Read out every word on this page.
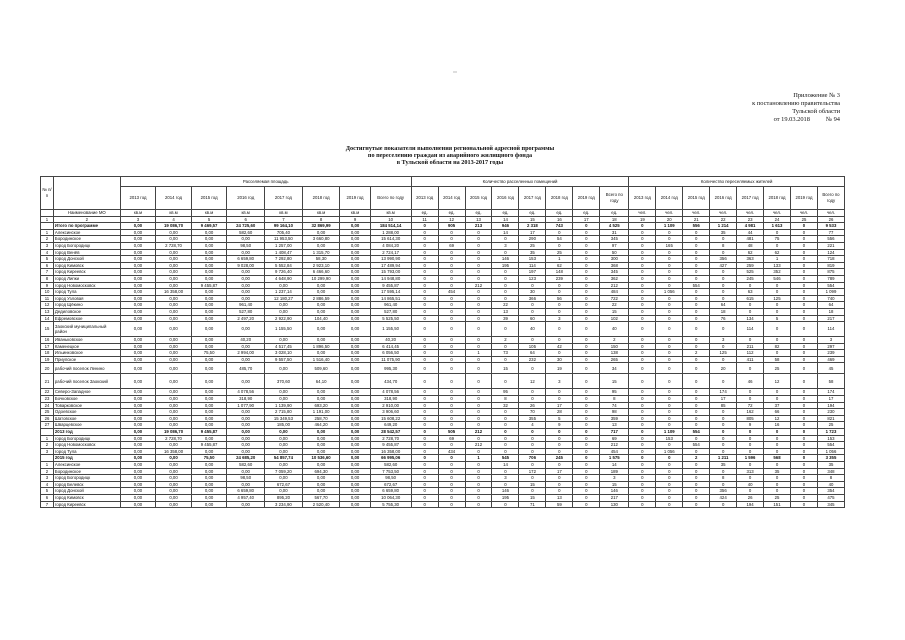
""
Приложение № 3
к постановлению правительства
Тульской области
от 19.03.2018	№ 94
Достигнутые показатели выполнения региональной адресной программы
по переселению граждан из аварийного жилищного фонда
в Тульской области на 2013-2017 годы
№ п/ п		Расселяемая площадь								Количество расселенных помещений								Количество переселяемых жителей							
		2013 год	2014 год	2015 год	2016 год	2017 год	2018 год	2019 год	Всего по году	2013 год	2014 год	2015 год	2016 год	2017 год	2018 год	2019 год	Всего по году	2013 год	2014 год	2015 год	2016 год	2017 год	2018 год	2019 год	Всего по году
	Наименование МО	кв.м	кв.м	кв.м	кв.м	кв.м	кв.м	кв.м	кв.м	ед.	ед.	ед.	ед.	ед.	ед.	ед.	ед.	чел.	чел.	чел.	чел.	чел.	чел.	чел.	чел.
1	2	3	4	5	6	7	8	9	10	11	12	13	14	15	16	17	18	19	20	21	22	23	24	25	26
	Итого по программе	0,00	19 086,70	9 469,57	24 725,60	99 164,10	32 869,99	0,00	184 514,14	0	905	213	946	2 318	743	0	4 525	0	1 109	556	1 214	4 981	1 613	0	9 533
1	Алексинское	0,00	0,00	0,00	582,60	705,40	0,00	0,00	1 288,00	0	0	0	14	17	0	0	31	0	0	0	35	44	0	0	77
2	Бородинское	0,00	0,00	0,00	0,00	11 953,50	3 660,80	0,00	15 614,30	0	0	0	0	290	54	0	345	0	0	0	0	481	75	0	556
3	город Богородицк	0,00	2 728,70	0,00	98,50	1 257,00	0,00	0,00	4 084,20	0	69	0	3	25	0	0	97	0	165	0	8	48	0	0	221
4	город Венёв	0,00	0,00	0,00	0,00	1 408,47	1 315,70	0,00	2 724,17	0	0	0	0	35	25	0	50	0	0	0	0	62	62	0	124
5	город Донской	0,00	0,00	0,00	6 659,80	7 292,80	58,30	0,00	13 990,90	0	0	0	146	153	1	0	300	0	0	0	356	363	1	0	718
6	город Кимовск	0,00	0,00	0,00	9 028,00	5 552,84	2 923,10	0,00	17 489,94	0	0	0	195	114	62	0	368	0	0	0	427	259	133	0	819
7	город Киреевск	0,00	0,00	0,00	0,00	9 726,40	6 466,60	0,00	15 793,00	0	0	0	0	197	148	0	345	0	0	0	0	525	352	0	875
8	город Липки	0,00	0,00	0,00	0,00	4 648,90	10 299,90	0,00	14 948,80	0	0	0	0	123	239	0	362	0	0	0	0	245	546	0	789
9	город Новомосковск	0,00	0,00	9 455,87	0,00	0,00	0,00	0,00	9 455,87	0	0	212	0	0	0	0	212	0	0	554	0	0	0	0	554
10	город Тула	0,00	16 358,00	0,00	0,00	1 237,14	0,00	0,00	17 595,14	0	454	0	0	30	0	0	484	0	1 056	0	0	63	0	0	1 099
11	город Узловая	0,00	0,00	0,00	0,00	12 180,27	2 886,59	0,00	14 865,51	0	0	0	0	366	56	0	722	0	0	0	0	615	125	0	740
12	город Щёкино	0,00	0,00	0,00	961,40	0,00	0,00	0,00	961,40	0	0	0	22	0	0	0	22	0	0	0	64	0	0	0	64
13	Дедиловское	0,00	0,00	0,00	527,80	0,00	0,00	0,00	527,80	0	0	0	13	0	0	0	15	0	0	0	18	0	0	0	18
14	Ефремовское	0,00	0,00	0,00	2 497,20	2 922,90	104,40	0,00	5 525,50	0	0	0	39	60	3	0	102	0	0	0	76	134	5	0	217
15	Заокский муниципальный район	0,00	0,00	0,00	0,00	1 155,50	0,00	0,00	1 155,50	0	0	0	0	40	0	0	40	0	0	0	0	114	0	0	114
16	Иваньковское	0,00	0,00	0,00	40,20	0,00	0,00	0,00	40,20	0	0	0	2	0	0	0	2	0	0	0	3	0	0	0	3
17	Каменецкое	0,00	0,00	0,00	0,00	4 517,45	1 896,50	0,00	6 414,45	0	0	0	0	105	42	0	150	0	0	0	0	211	82	0	297
18	Ильинковское	0,00	0,00	75,50	2 994,00	3 028,10	0,00	0,00	6 056,50	0	0	1	73	64	0	0	138	0	0	2	125	112	0	0	239
19	Приупское	0,00	0,00	0,00	0,00	9 557,50	1 516,40	0,00	11 075,90	0	0	0	0	232	30	0	265	0	0	0	0	411	58	0	469
20	рабочий поселок Ленино	0,00	0,00	0,00	485,70	0,00	509,60	0,00	995,30	0	0	0	15	0	19	0	34	0	0	0	20	0	25	0	45
21	рабочий поселок Заокский	0,00	0,00	0,00	0,00	370,60	64,10	0,00	434,70	0	0	0	0	12	3	0	15	0	0	0	0	46	12	0	58
22	Северо-Западное	0,00	0,00	0,00	4 078,56	0,00	0,00	0,00	4 078,56	0	0	0	95	0	0	0	95	0	0	0	174	0	0	0	174
23	Бочковское	0,00	0,00	0,00	318,90	0,00	0,00	0,00	318,90	0	0	0	8	0	0	0	8	0	0	0	17	0	0	0	17
24	Товарковское	0,00	0,00	0,00	1 077,90	1 139,90	693,20	0,00	2 910,00	0	0	0	32	26	17	0	74	0	0	0	85	72	37	0	194
25	Одоевское	0,00	0,00	0,00	0,00	2 715,80	1 191,00	0,00	3 906,60	0	0	0	0	70	28	0	98	0	0	0	0	162	66	0	230
26	Шатовское	0,00	0,00	0,00	0,00	15 349,53	258,70	0,00	15 608,22	0	0	0	0	355	5	0	359	0	0	0	0	805	12	0	821
27	Шварцевское	0,00	0,00	0,00	0,00	185,00	464,20	0,00	649,20	0	0	0	0	4	9	0	13	0	0	0	0	9	16	0	25
	2013 год	0,00	19 086,70	9 455,87	0,00	0,00	0,00	0,00	28 542,57	0	505	212	0	0	0	0	717	0	1 109	554	0	0	0	0	1 723
1	город Богородицк	0,00	2 728,70	0,00	0,00	0,00	0,00	0,00	2 728,70	0	69	0	0	0	0	0	69	0	153	0	0	0	0	0	153
2	город Новомосковск	0,00	0,00	9 455,87	0,00	0,00	0,00	0,00	9 455,87	0	0	212	0	0	0	0	212	0	0	554	0	0	0	0	554
3	город Тула	0,00	16 358,00	0,00	0,00	0,00	0,00	0,00	16 358,00	0	434	0	0	0	0	0	454	0	1 056	0	0	0	0	0	1 056
	2015 год	0,00	0,00	75,50	24 685,20	54 857,74	10 536,60	0,00	66 995,06	0	0	1	545	706	245	0	1 575	0	0	2	1 211	1 596	568	0	3 355
1	Алексинское	0,00	0,00	0,00	582,60	0,00	0,00	0,00	582,60	0	0	0	14	0	0	0	14	0	0	0	35	0	0	0	35
2	Бородинское	0,00	0,00	0,00	0,00	7 059,20	694,30	0,00	7 753,50	0	0	0	0	172	17	0	189	0	0	0	0	313	35	0	348
3	город Богородицк	0,00	0,00	0,00	98,50	0,00	0,00	0,00	98,50	0	0	0	3	0	0	0	3	0	0	0	8	0	0	0	8
4	город Белевск	0,00	0,00	0,00	0,00	672,67	0,00	0,00	672,67	0	0	0	0	15	0	0	15	0	0	0	0	40	0	0	40
5	город Донской	0,00	0,00	0,00	6 659,80	0,00	0,00	0,00	6 659,80	0	0	0	146	0	0	0	146	0	0	0	356	0	0	0	354
6	город Кимовск	0,00	0,00	0,00	4 957,40	895,20	567,70	0,00	10 064,30	0	0	0	195	15	13	0	217	0	0	0	424	26	25	0	475
7	город Киреевск	0,00	0,00	0,00	0,00	3 234,90	2 520,40	0,00	5 755,30	0	0	0	0	71	59	0	130	0	0	0	0	194	151	0	345
